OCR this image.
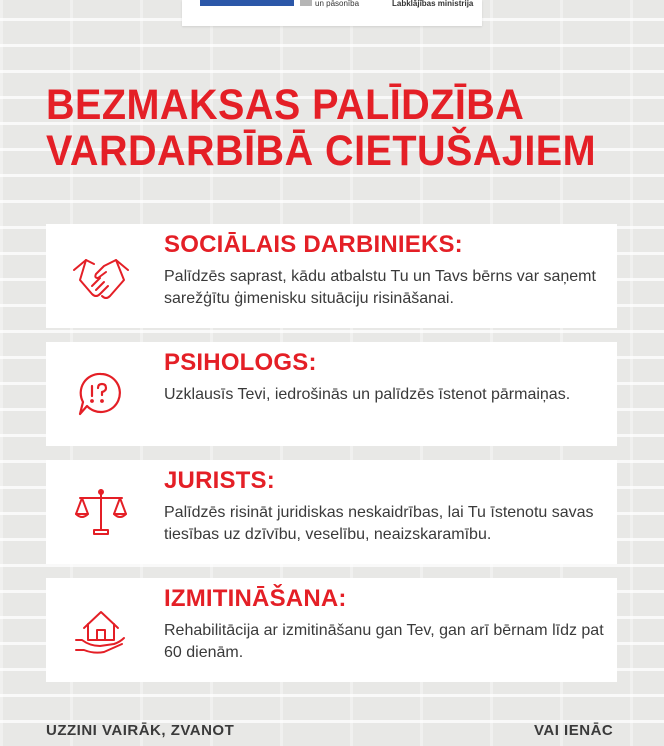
un pāsonība	Labklājības ministrija
BEZMAKSAS PALĪDZĪBA
VARDARBĪBĀ CIETUŠAJIEM
SOCIĀLAIS DARBINIEKS:
Palīdzēs saprast, kādu atbalstu Tu un Tavs bērns var saņemt sarežģītu ģimenisku situāciju risināšanai.
PSIHOLOGS:
Uzklausīs Tevi, iedrošinās un palīdzēs īstenot pārmaiņas.
JURISTS:
Palīdzēs risināt juridiskas neskaidrības, lai Tu īstenotu savas tiesības uz dzīvību, veselību, neaizskaramību.
IZMITINĀŠANA:
Rehabilitācija ar izmitināšanu gan Tev, gan arī bērnam līdz pat 60 dienām.
UZZINI VAIRĀK, ZVANOT	VAI IENĀC
